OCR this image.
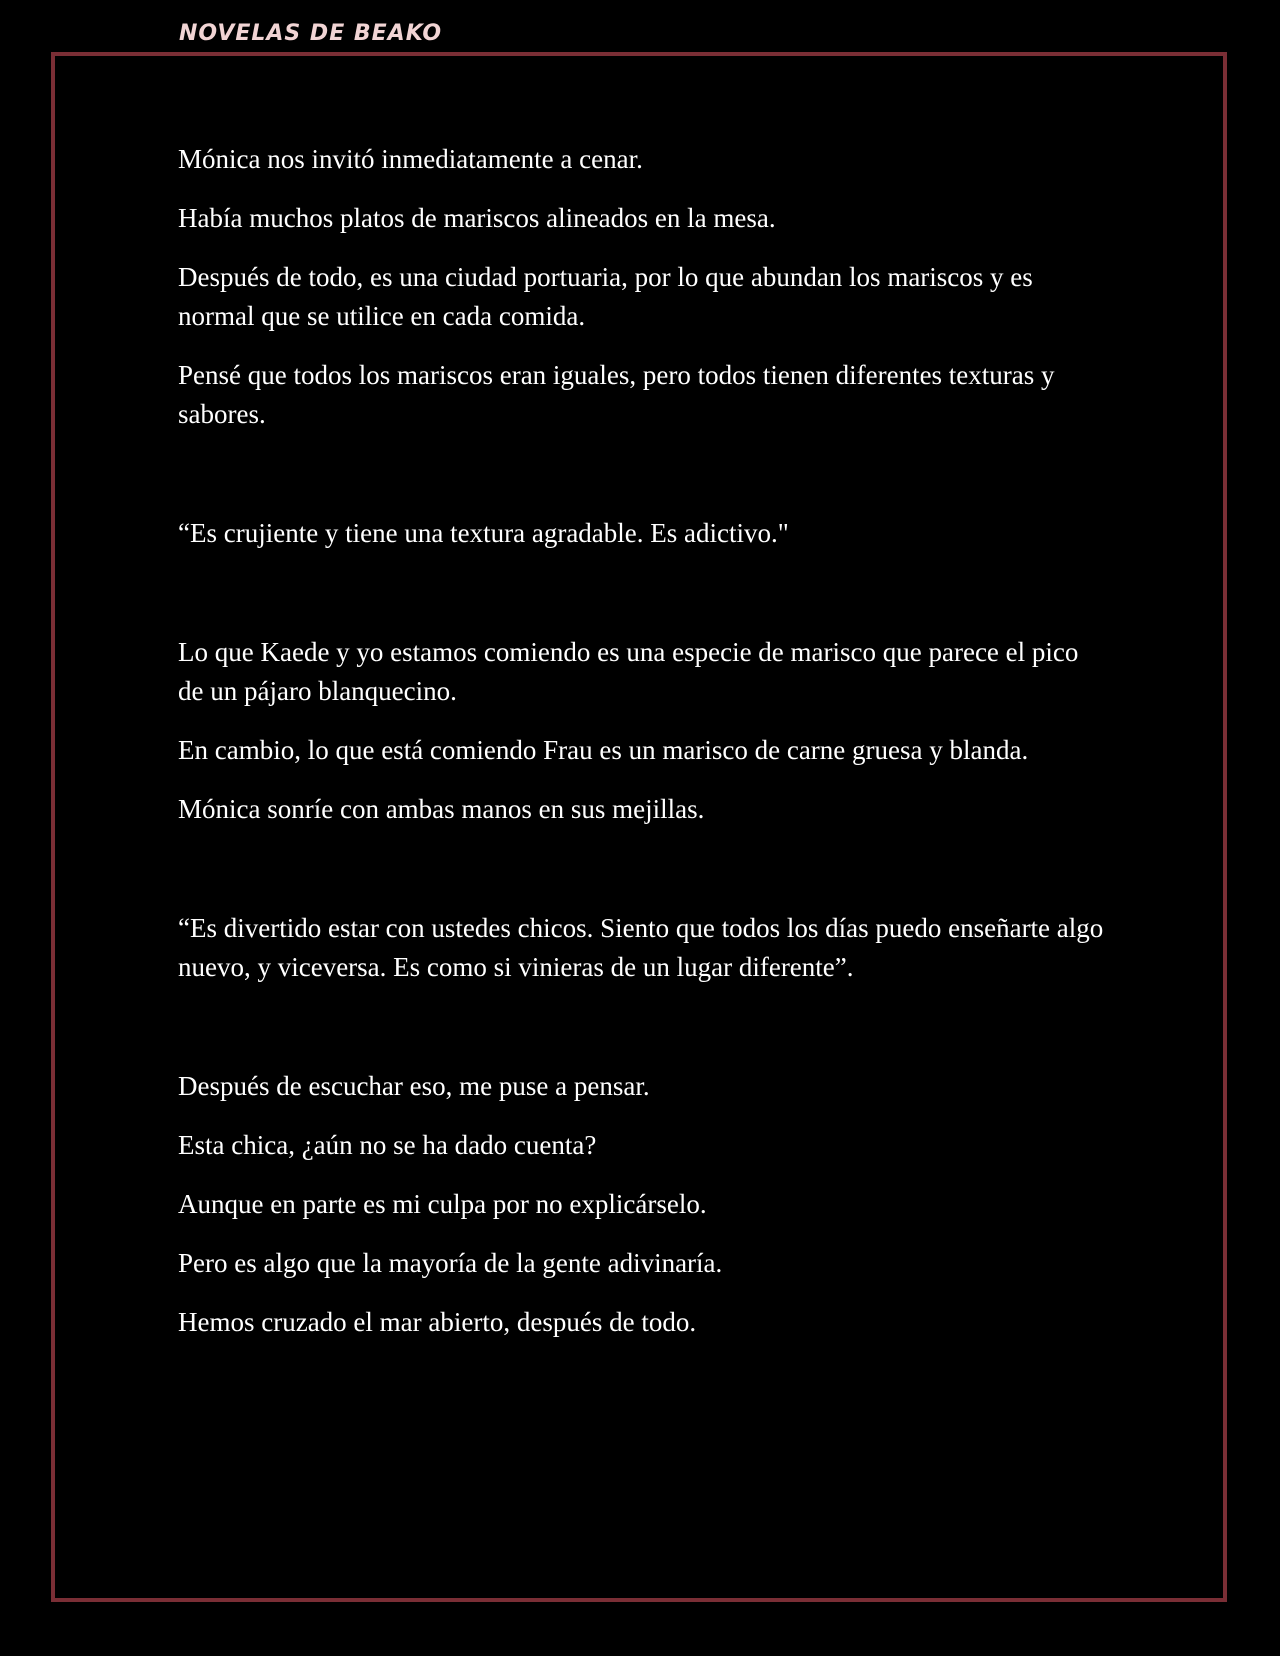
NOVELAS DE BEAKO

Mónica nos invitó inmediatamente a cenar.

Había muchos platos de mariscos alineados en la mesa.

Después de todo, es una ciudad portuaria, por lo que abundan los mariscos y es normal que se utilice en cada comida.

Pensé que todos los mariscos eran iguales, pero todos tienen diferentes texturas y sabores.

“Es crujiente y tiene una textura agradable. Es adictivo."

Lo que Kaede y yo estamos comiendo es una especie de marisco que parece el pico de un pájaro blanquecino.

En cambio, lo que está comiendo Frau es un marisco de carne gruesa y blanda.

Mónica sonríe con ambas manos en sus mejillas.

“Es divertido estar con ustedes chicos. Siento que todos los días puedo enseñarte algo nuevo, y viceversa. Es como si vinieras de un lugar diferente”.

Después de escuchar eso, me puse a pensar.

Esta chica, ¿aún no se ha dado cuenta?

Aunque en parte es mi culpa por no explicárselo.

Pero es algo que la mayoría de la gente adivinaría.

Hemos cruzado el mar abierto, después de todo.
